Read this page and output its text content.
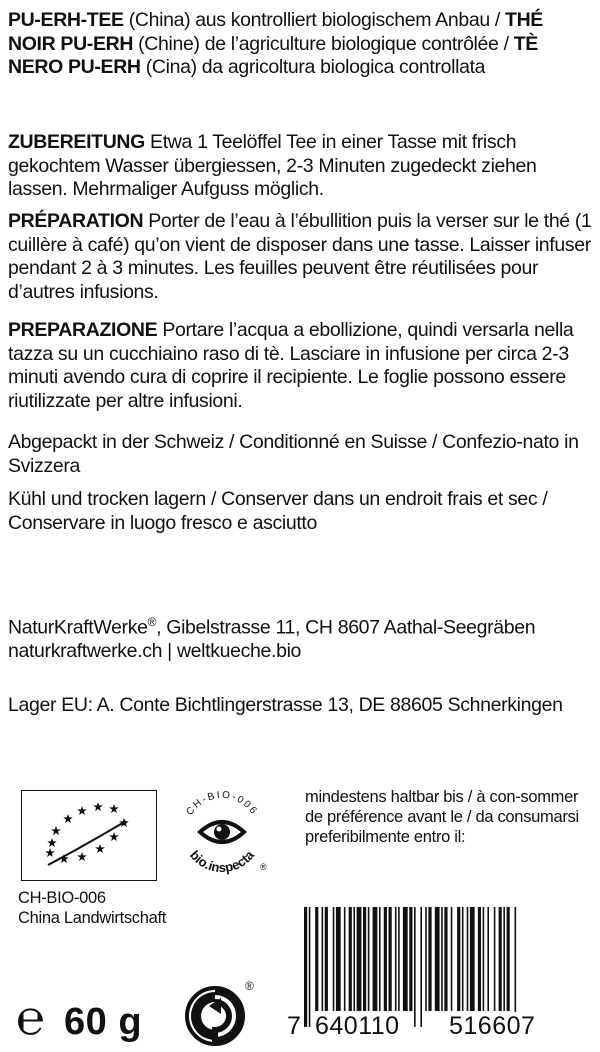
PU-ERH-TEE (China) aus kontrolliert biologischem Anbau / THÉ NOIR PU-ERH (Chine) de l’agriculture biologique contrôlée / TÈ NERO PU-ERH (Cina) da agricoltura biologica controllata

ZUBEREITUNG Etwa 1 Teelöffel Tee in einer Tasse mit frisch gekochtem Wasser übergiessen, 2-3 Minuten zugedeckt ziehen lassen. Mehrmaliger Aufguss möglich.

PRÉPARATION Porter de l’eau à l’ébullition puis la verser sur le thé (1 cuillère à café) qu’on vient de disposer dans une tasse. Laisser infuser pendant 2 à 3 minutes. Les feuilles peuvent être réutilisées pour d’autres infusions.

PREPARAZIONE Portare l’acqua a ebollizione, quindi versarla nella tazza su un cucchiaino raso di tè. Lasciare in infusione per circa 2-3 minuti avendo cura di coprire il recipiente. Le foglie possono essere riutilizzate per altre infusioni.

Abgepackt in der Schweiz / Conditionné en Suisse / Confezio-nato in Svizzera

Kühl und trocken lagern / Conserver dans un endroit frais et sec / Conservare in luogo fresco e asciutto

NaturKraftWerke®, Gibelstrasse 11, CH 8607 Aathal-Seegräben
naturkraftwerke.ch | weltkueche.bio

Lager EU: A. Conte Bichtlingerstrasse 13, DE 88605 Schnerkingen

CH-BIO-006
bio.inspecta
®
mindestens haltbar bis / à con-sommer de préférence avant le / da consumarsi preferibilmente entro il:
CH-BIO-006
China Landwirtschaft
℮ 60 g
®
7 640110 516607
